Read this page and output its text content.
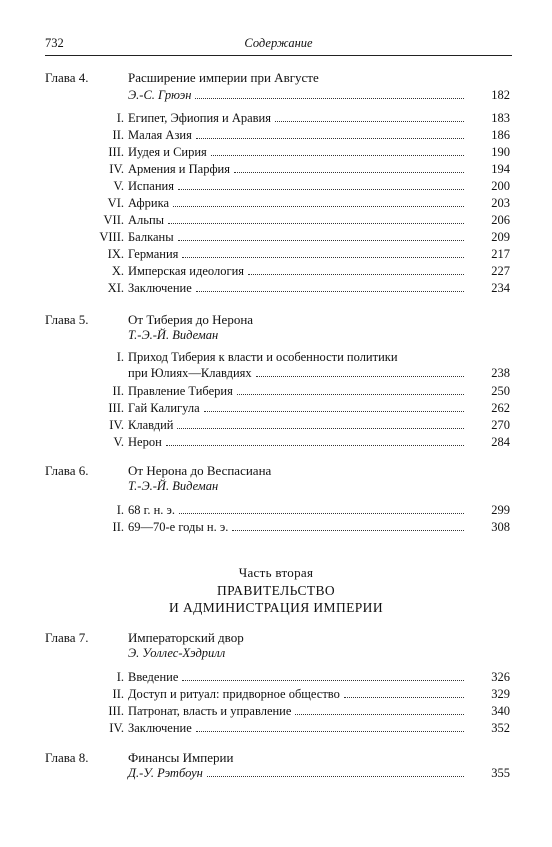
732	Содержание
Глава 4.	Расширение империи при Августе
Э.-С. Грюэн	182
I. Египет, Эфиопия и Аравия	183
II. Малая Азия	186
III. Иудея и Сирия	190
IV. Армения и Парфия	194
V. Испания	200
VI. Африка	203
VII. Альпы	206
VIII. Балканы	209
IX. Германия	217
X. Имперская идеология	227
XI. Заключение	234
Глава 5.	От Тиберия до Нерона
Т.-Э.-Й. Видеман
I. Приход Тиберия к власти и особенности политики
при Юлиях—Клавдиях	238
II. Правление Тиберия	250
III. Гай Калигула	262
IV. Клавдий	270
V. Нерон	284
Глава 6.	От Нерона до Веспасиана
Т.-Э.-Й. Видеман
I. 68 г. н. э.	299
II. 69—70-е годы н. э.	308
Часть вторая
ПРАВИТЕЛЬСТВО
И АДМИНИСТРАЦИЯ ИМПЕРИИ
Глава 7.	Императорский двор
Э. Уоллес-Хэдрилл
I. Введение	326
II. Доступ и ритуал: придворное общество	329
III. Патронат, власть и управление	340
IV. Заключение	352
Глава 8.	Финансы Империи
Д.-У. Рэтбоун	355
